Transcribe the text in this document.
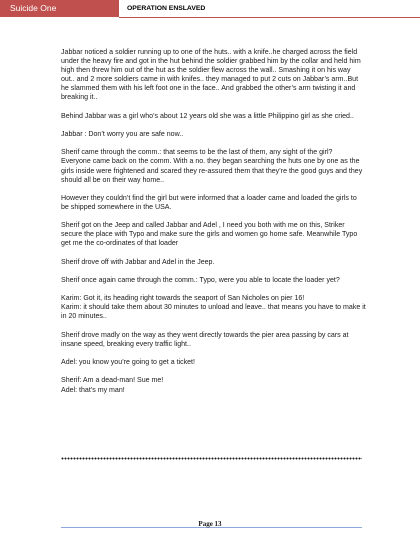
Suicide One	OPERATION ENSLAVED

Jabbar noticed a soldier running up to one of the huts.. with a knife..he charged across the field under the heavy fire and got in the hut behind the soldier grabbed him by the collar and held him high then threw him out of the hut as the soldier flew across the wall.. Smashing it on his way out.. and 2 more soldiers came in with knifes.. they managed to put 2 cuts on Jabbar’s arm..But he slammed them with his left foot one in the face.. And grabbed the other’s arm twisting it and breaking it..

Behind Jabbar was a girl who’s about 12 years old she was a little Philippino girl as she cried..

Jabbar : Don’t worry you are safe now..

Sherif came through the comm.: that seems to be the last of them, any sight of the girl?
Everyone came back on the comm. With a no. they began searching the huts one by one as the girls inside were frightened and scared they re-assured them that they’re the good guys and they should all be on their way home..

However they couldn’t find the girl but were informed that a loader came and loaded the girls to be shipped somewhere in the USA.

Sherif got on the Jeep and called Jabbar and Adel , I need you both with me on this, Striker secure the place with Typo and make sure the girls and women go home safe. Meanwhile Typo get me the co-ordinates of that loader

Sherif drove off with Jabbar and Adel in the Jeep.

Sherif once again came through the comm.: Typo, were you able to locate the loader yet?

Karim: Got it, its heading right towards the seaport of San Nicholes on pier 16!
Karim: it should take them about 30 minutes to unload and leave.. that means you have to make it in 20 minutes..

Sherif drove madly on the way as they went directly towards the pier area passing by cars at insane speed, breaking every traffic light..

Adel: you know you’re going to get a ticket!

Sherif: Am a dead-man! Sue me!
Adel: that’s my man!

Page 13
